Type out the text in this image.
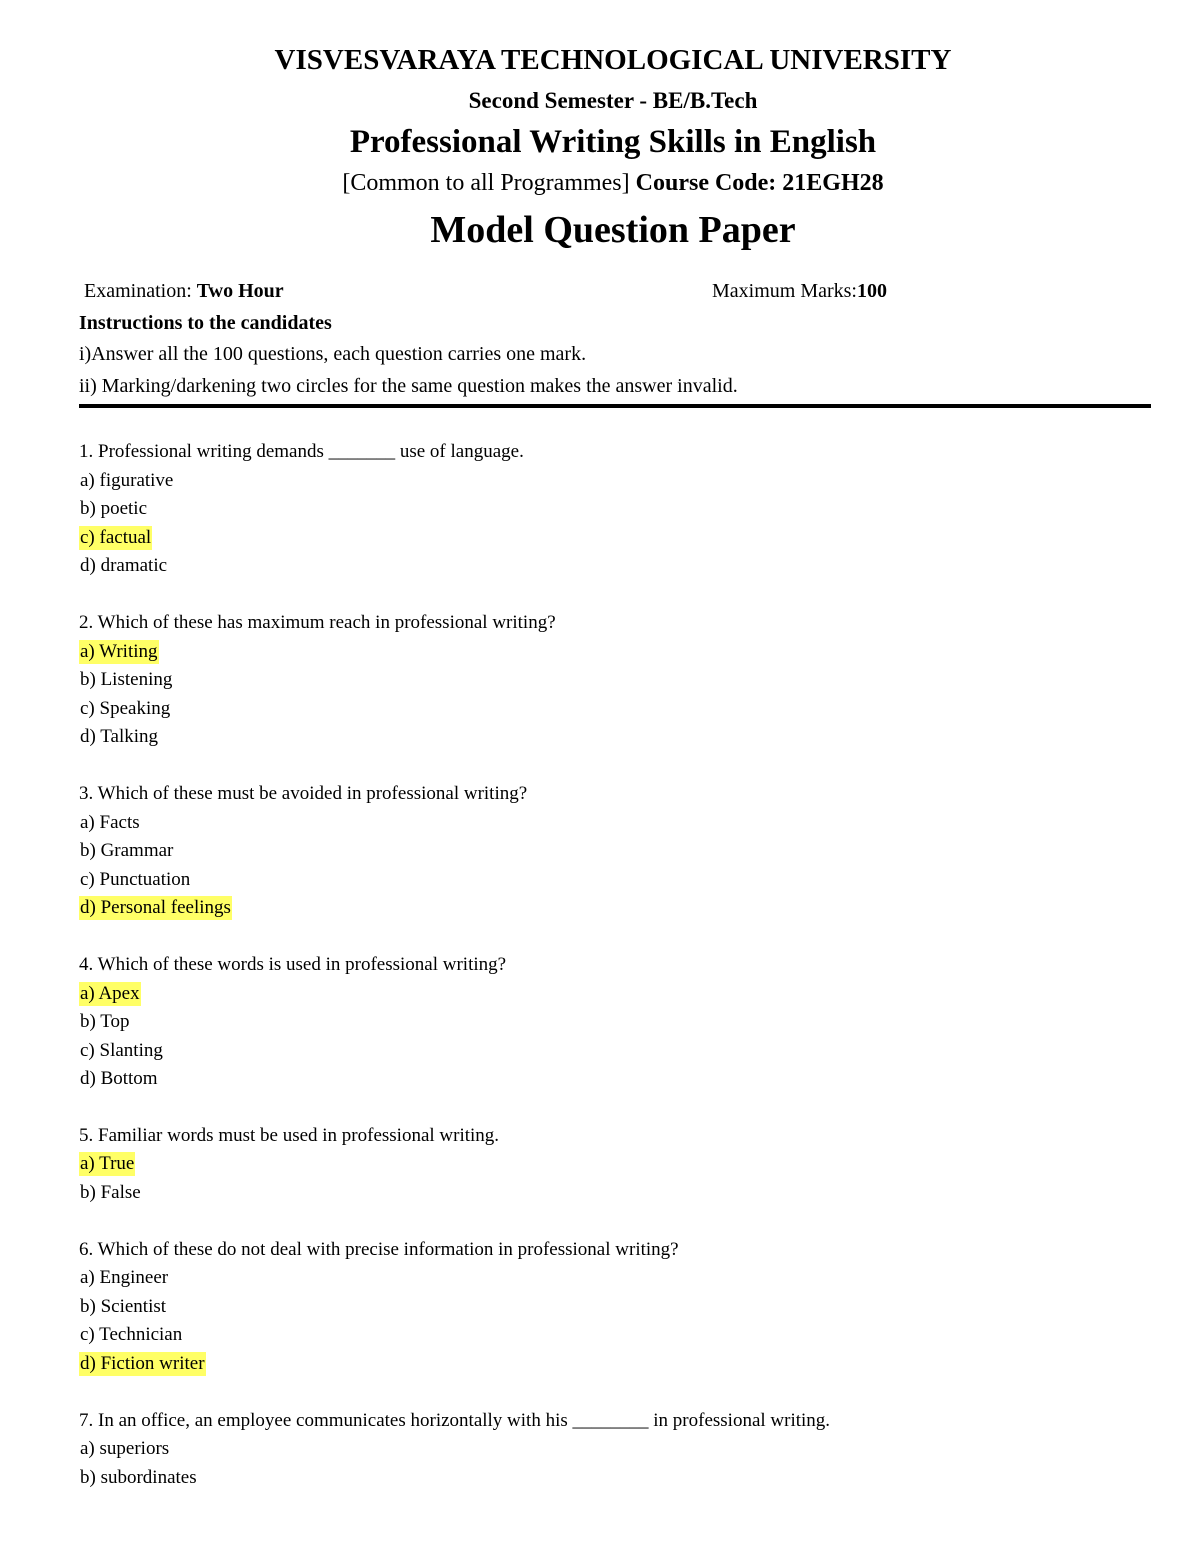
VISVESVARAYA TECHNOLOGICAL UNIVERSITY
Second Semester - BE/B.Tech
Professional Writing Skills in English
[Common to all Programmes] Course Code: 21EGH28
Model Question Paper
Examination: Two Hour	Maximum Marks:100
Instructions to the candidates
i)Answer all the 100 questions, each question carries one mark.
ii) Marking/darkening two circles for the same question makes the answer invalid.
1. Professional writing demands _______ use of language.
a) figurative
b) poetic
c) factual
d) dramatic
2. Which of these has maximum reach in professional writing?
a) Writing
b) Listening
c) Speaking
d) Talking
3. Which of these must be avoided in professional writing?
a) Facts
b) Grammar
c) Punctuation
d) Personal feelings
4. Which of these words is used in professional writing?
a) Apex
b) Top
c) Slanting
d) Bottom
5. Familiar words must be used in professional writing.
a) True
b) False
6. Which of these do not deal with precise information in professional writing?
a) Engineer
b) Scientist
c) Technician
d) Fiction writer
7. In an office, an employee communicates horizontally with his ________ in professional writing.
a) superiors
b) subordinates
